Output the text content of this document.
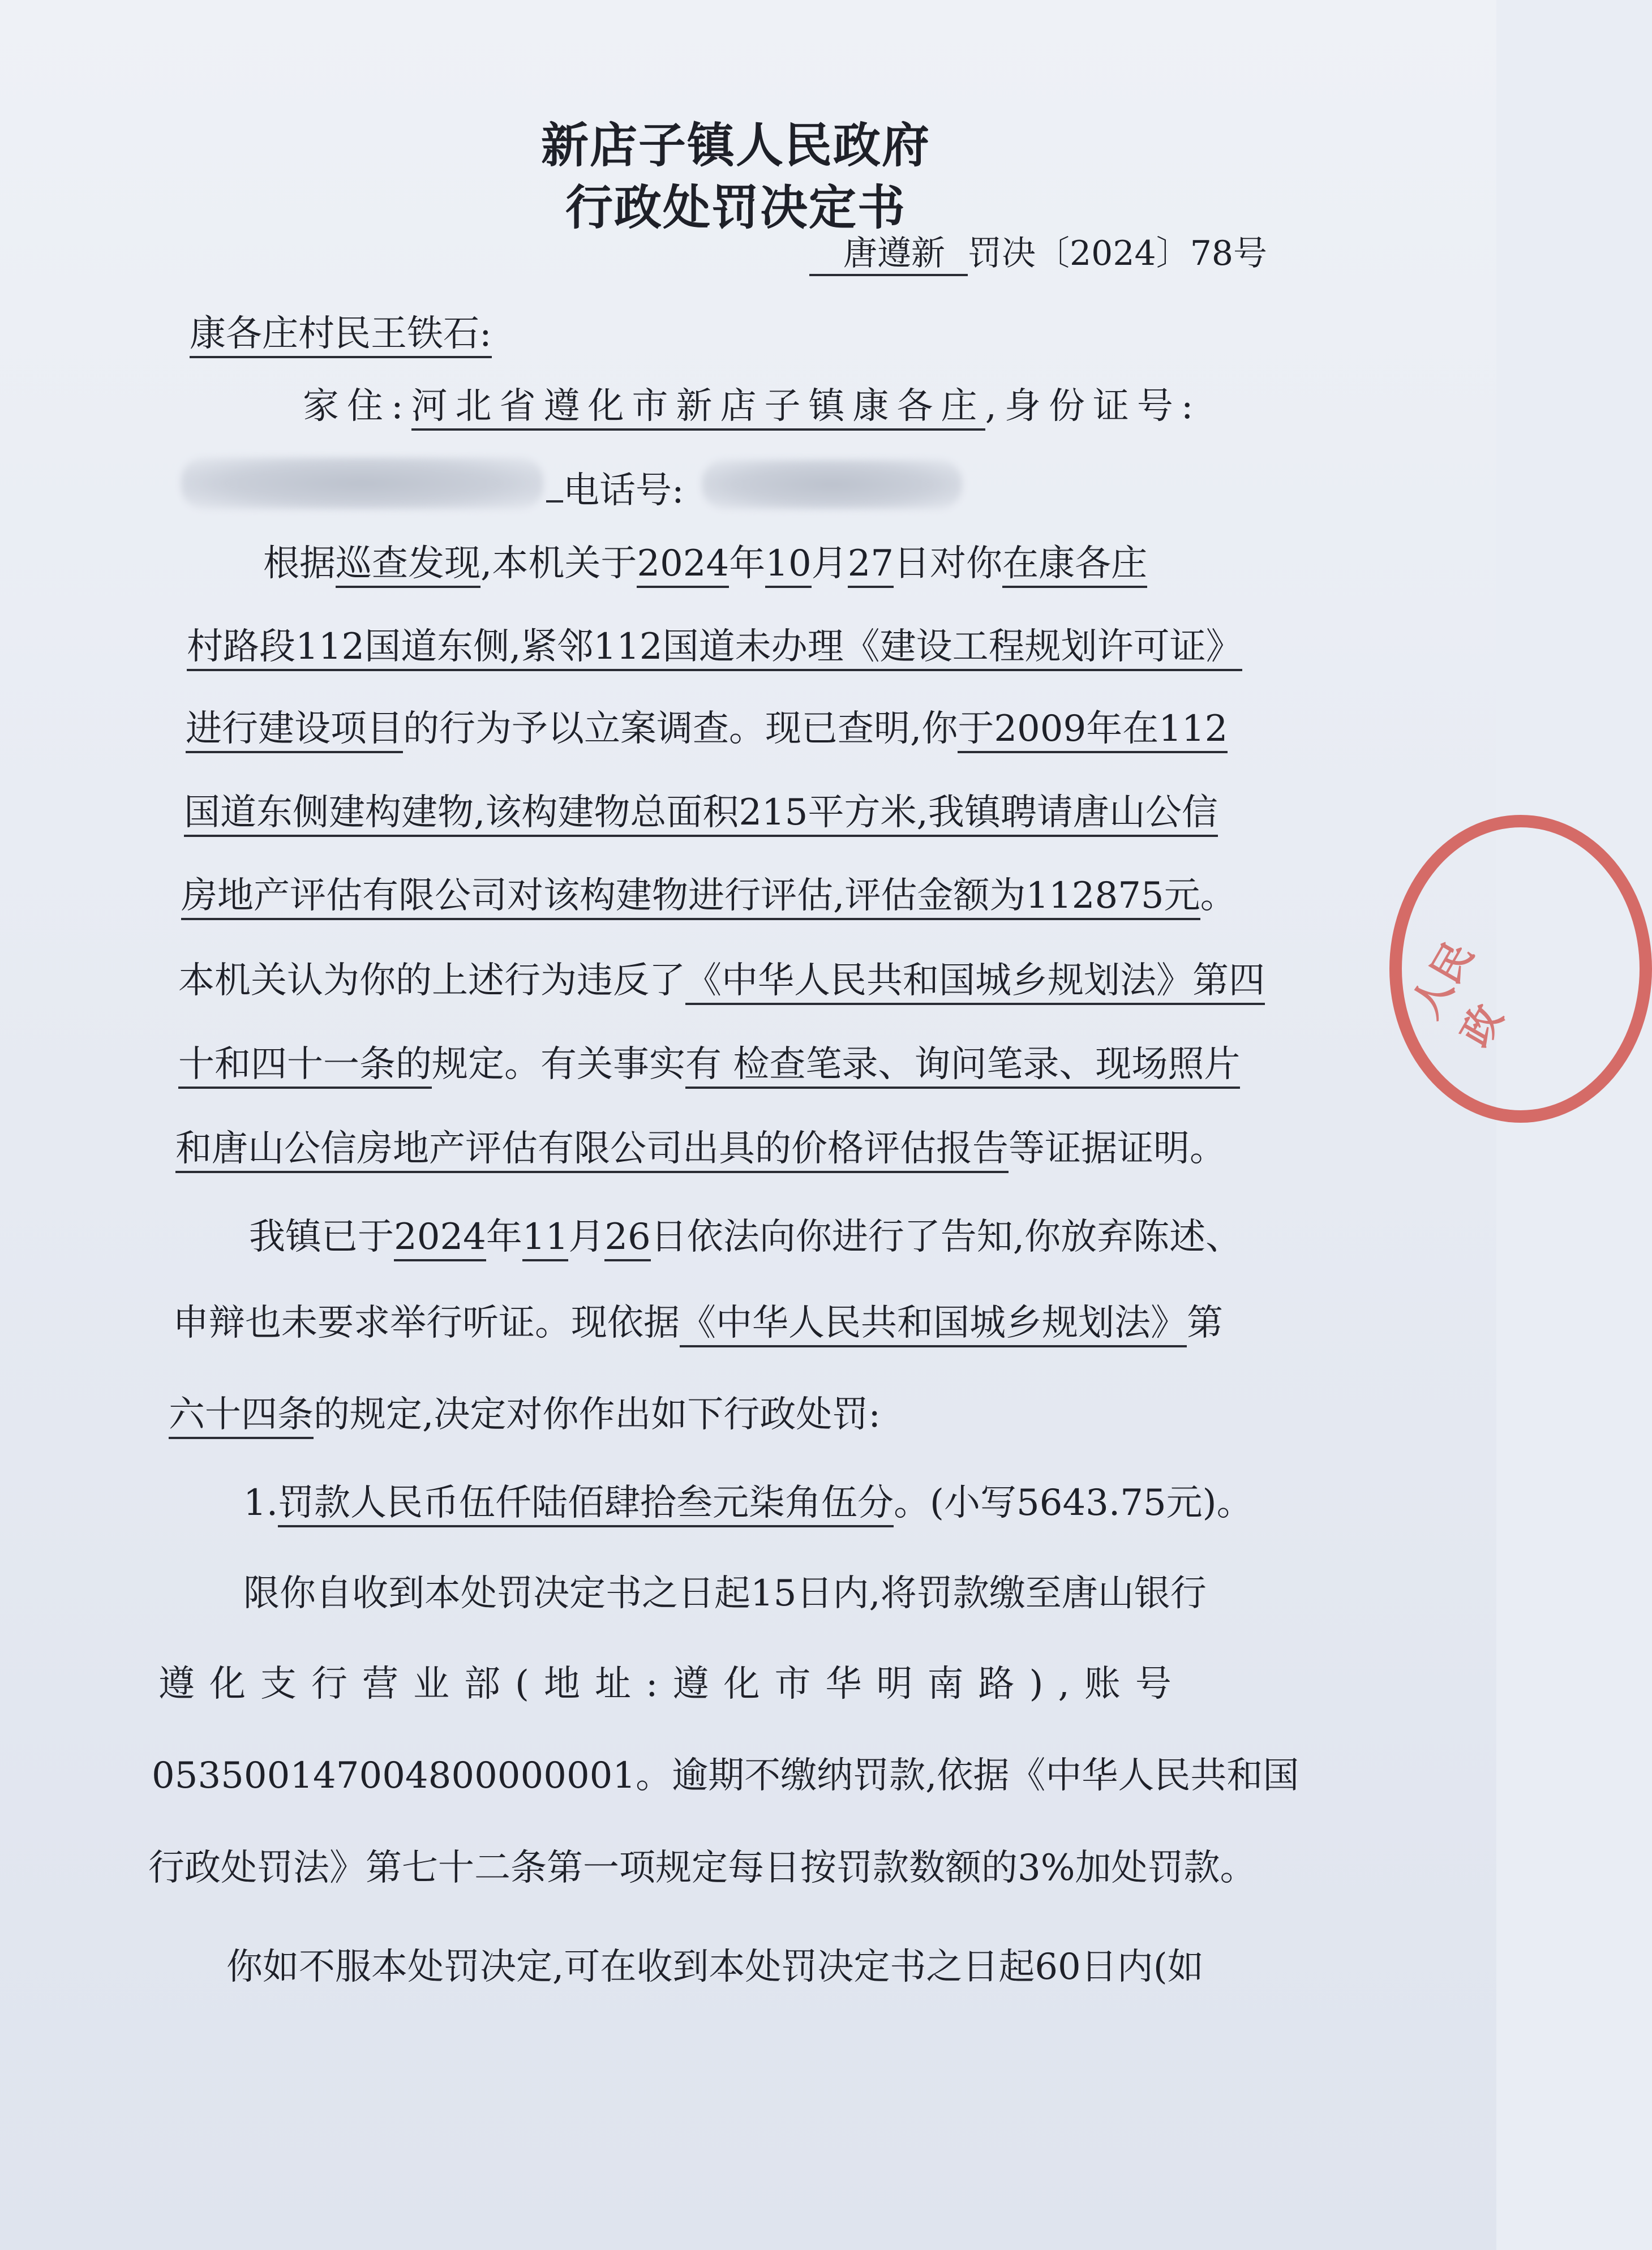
新店子镇人民政府
行政处罚决定书
唐遵新 罚决〔2024〕78号
康各庄村民王铁石:
家住:河北省遵化市新店子镇康各庄,身份证号:
电话号:
根据巡查发现,本机关于2024年10月27日对你在康各庄
村路段112国道东侧,紧邻112国道未办理《建设工程规划许可证》
进行建设项目的行为予以立案调查。现已查明,你于2009年在112
国道东侧建构建物,该构建物总面积215平方米,我镇聘请唐山公信
房地产评估有限公司对该构建物进行评估,评估金额为112875元。
本机关认为你的上述行为违反了《中华人民共和国城乡规划法》第四
十和四十一条的规定。有关事实有 检查笔录、询问笔录、现场照片
和唐山公信房地产评估有限公司出具的价格评估报告等证据证明。
我镇已于2024年11月26日依法向你进行了告知,你放弃陈述、
申辩也未要求举行听证。现依据《中华人民共和国城乡规划法》第
六十四条的规定,决定对你作出如下行政处罚:
1.罚款人民币伍仟陆佰肆拾叁元柒角伍分。(小写5643.75元)。
限你自收到本处罚决定书之日起15日内,将罚款缴至唐山银行
遵化支行营业部(地址:遵化市华明南路),账号
053500147004800000001。逾期不缴纳罚款,依据《中华人民共和国
行政处罚法》第七十二条第一项规定每日按罚款数额的3%加处罚款。
你如不服本处罚决定,可在收到本处罚决定书之日起60日内(如
人民政
